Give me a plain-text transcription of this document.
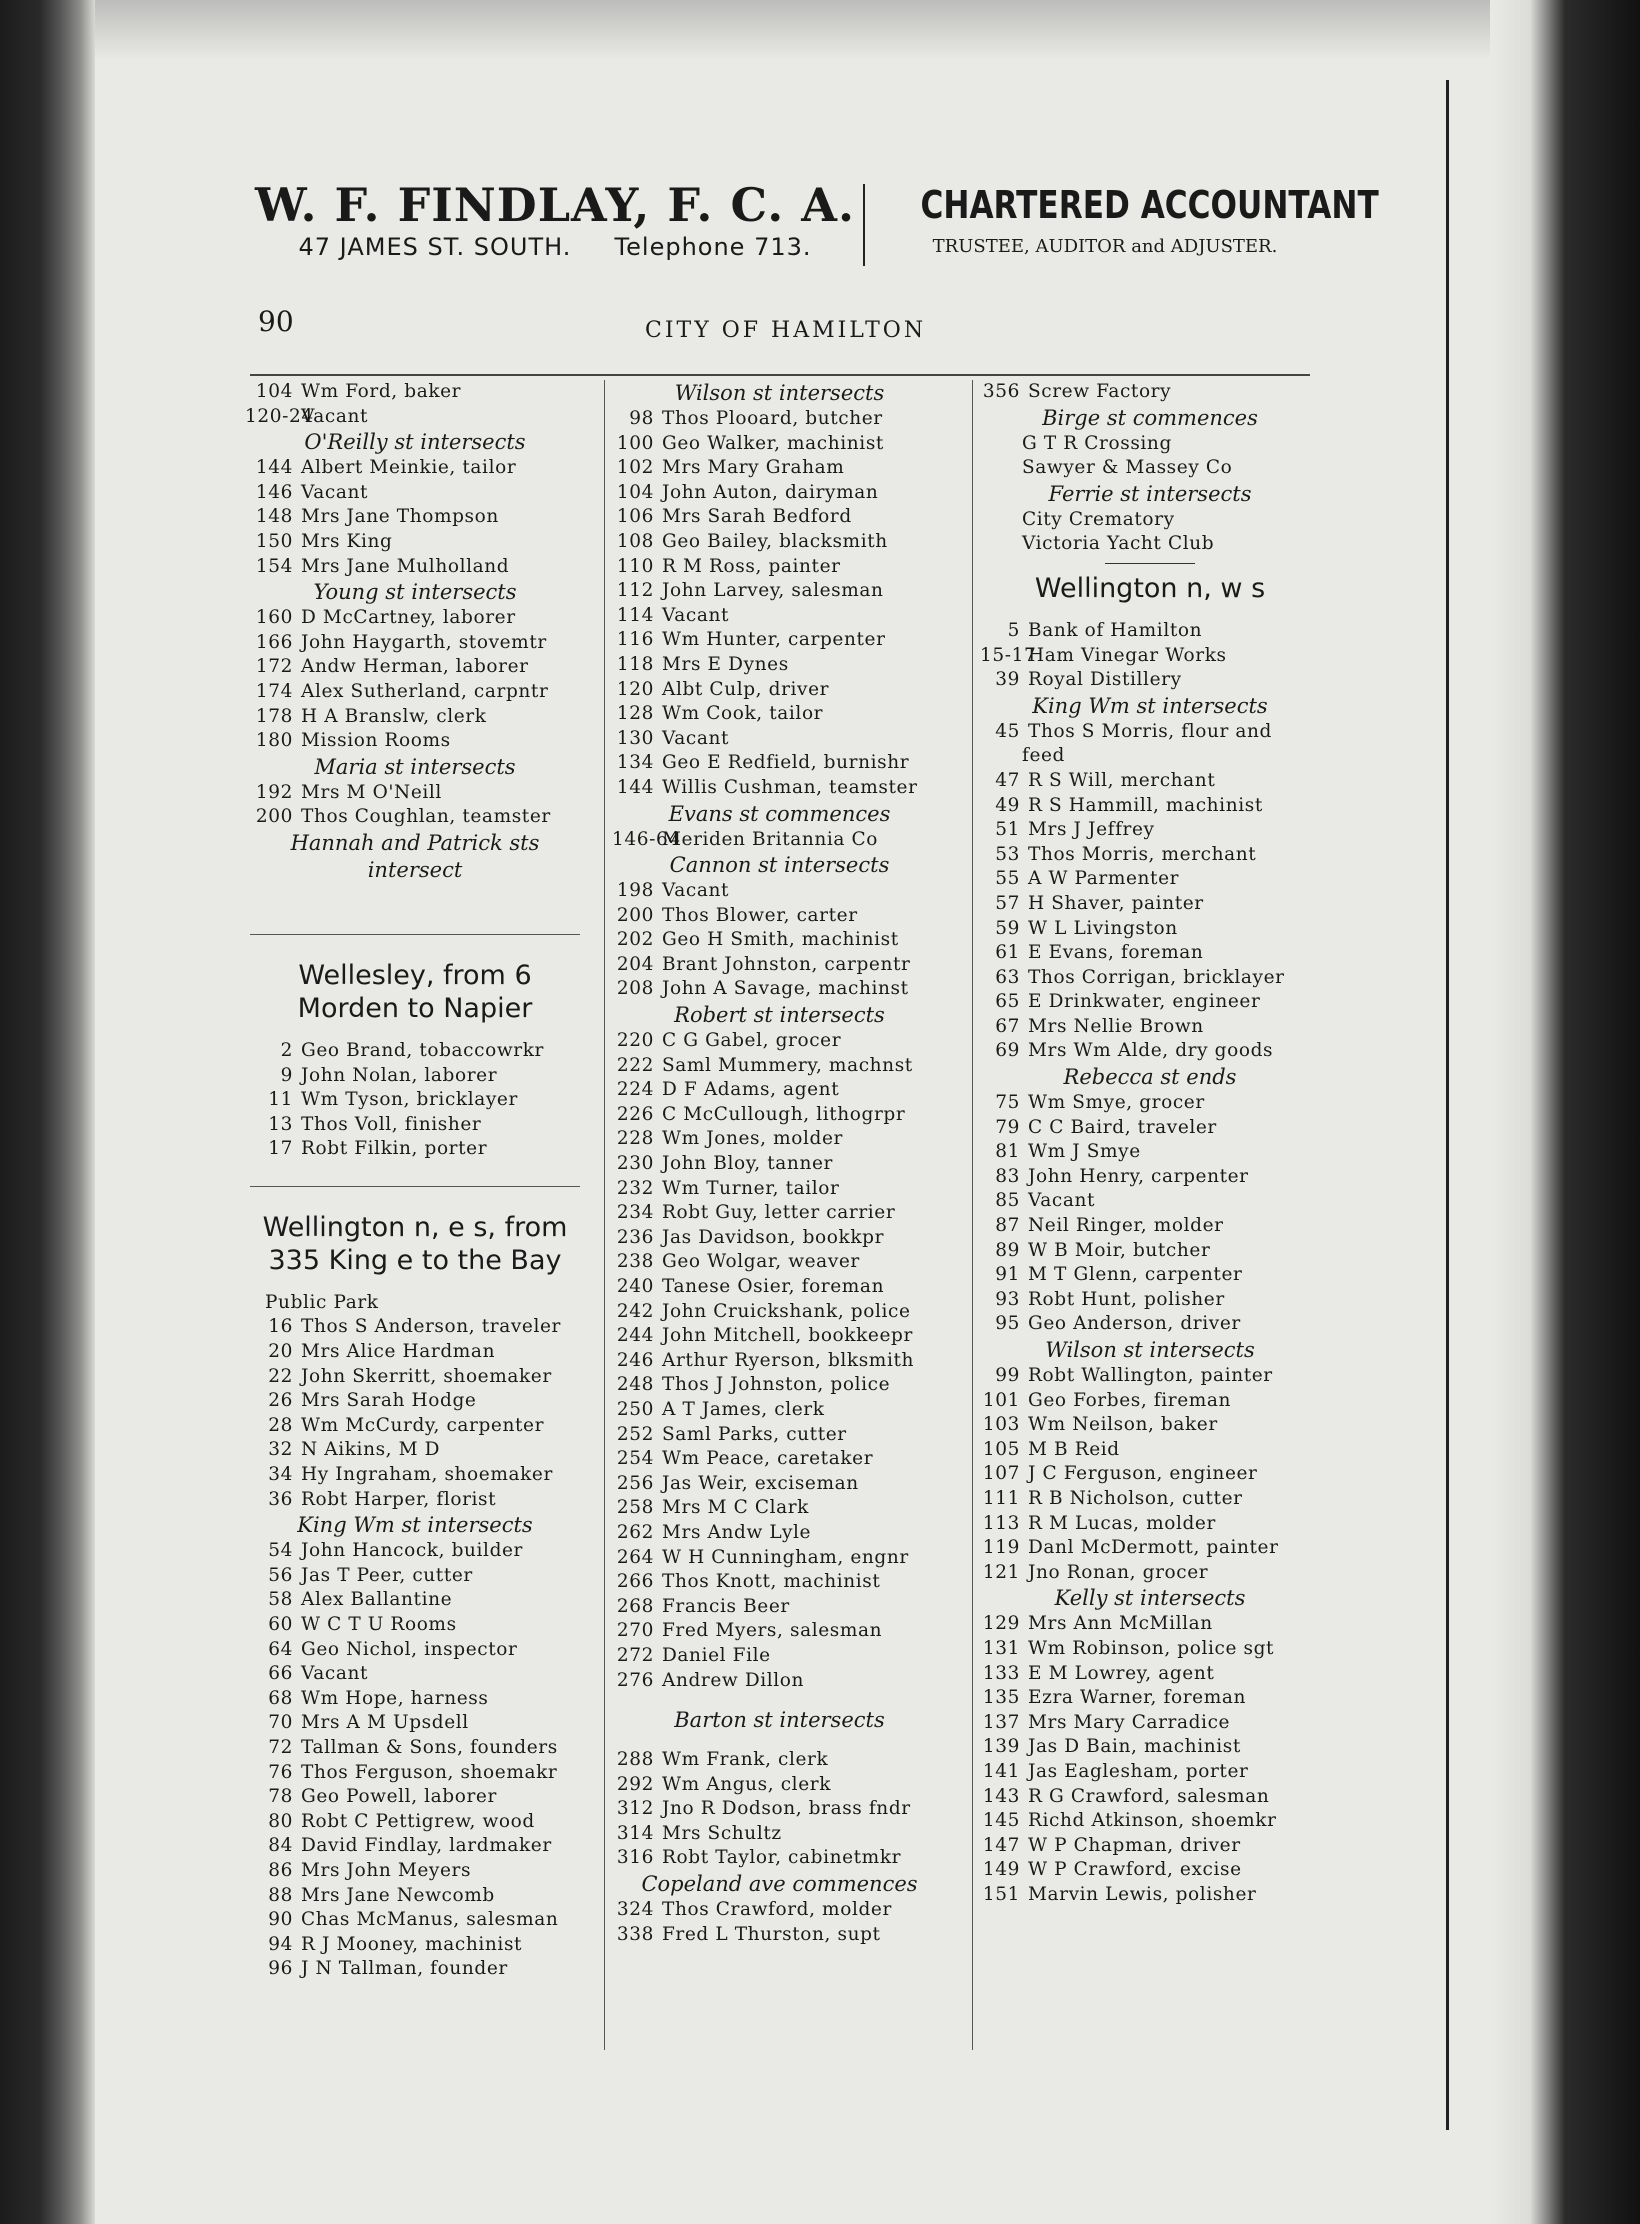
W. F. FINDLAY, F. C. A.
47 JAMES ST. SOUTH. Telephone 713.
CHARTERED ACCOUNTANT
TRUSTEE, AUDITOR and ADJUSTER.
90	CITY OF HAMILTON
104 Wm Ford, baker
120-24Vacant
O'Reilly st intersects
144 Albert Meinkie, tailor
146 Vacant
148 Mrs Jane Thompson
150 Mrs King
154 Mrs Jane Mulholland
Young st intersects
160 D McCartney, laborer
166 John Haygarth, stovemtr
172 Andw Herman, laborer
174 Alex Sutherland, carpntr
178 H A Branslw, clerk
180 Mission Rooms
Maria st intersects
192 Mrs M O'Neill
200 Thos Coughlan, teamster
Hannah and Patrick sts intersect
Wellesley, from 6 Morden to Napier
2 Geo Brand, tobaccowrkr
9 John Nolan, laborer
11 Wm Tyson, bricklayer
13 Thos Voll, finisher
17 Robt Filkin, porter
Wellington n, e s, from 335 King e to the Bay
Public Park
16 Thos S Anderson, traveler
20 Mrs Alice Hardman
22 John Skerritt, shoemaker
26 Mrs Sarah Hodge
28 Wm McCurdy, carpenter
32 N Aikins, M D
34 Hy Ingraham, shoemaker
36 Robt Harper, florist
King Wm st intersects
54 John Hancock, builder
56 Jas T Peer, cutter
58 Alex Ballantine
60 W C T U Rooms
64 Geo Nichol, inspector
66 Vacant
68 Wm Hope, harness
70 Mrs A M Upsdell
72 Tallman & Sons, founders
76 Thos Ferguson, shoemakr
78 Geo Powell, laborer
80 Robt C Pettigrew, wood
84 David Findlay, lardmaker
86 Mrs John Meyers
88 Mrs Jane Newcomb
90 Chas McManus, salesman
94 R J Mooney, machinist
96 J N Tallman, founder
Wilson st intersects
98 Thos Plooard, butcher
100 Geo Walker, machinist
102 Mrs Mary Graham
104 John Auton, dairyman
106 Mrs Sarah Bedford
108 Geo Bailey, blacksmith
110 R M Ross, painter
112 John Larvey, salesman
114 Vacant
116 Wm Hunter, carpenter
118 Mrs E Dynes
120 Albt Culp, driver
128 Wm Cook, tailor
130 Vacant
134 Geo E Redfield, burnishr
144 Willis Cushman, teamster
Evans st commences
146-64Meriden Britannia Co
Cannon st intersects
198 Vacant
200 Thos Blower, carter
202 Geo H Smith, machinist
204 Brant Johnston, carpentr
208 John A Savage, machinst
Robert st intersects
220 C G Gabel, grocer
222 Saml Mummery, machnst
224 D F Adams, agent
226 C McCullough, lithogrpr
228 Wm Jones, molder
230 John Bloy, tanner
232 Wm Turner, tailor
234 Robt Guy, letter carrier
236 Jas Davidson, bookkpr
238 Geo Wolgar, weaver
240 Tanese Osier, foreman
242 John Cruickshank, police
244 John Mitchell, bookkeepr
246 Arthur Ryerson, blksmith
248 Thos J Johnston, police
250 A T James, clerk
252 Saml Parks, cutter
254 Wm Peace, caretaker
256 Jas Weir, exciseman
258 Mrs M C Clark
262 Mrs Andw Lyle
264 W H Cunningham, engnr
266 Thos Knott, machinist
268 Francis Beer
270 Fred Myers, salesman
272 Daniel File
276 Andrew Dillon
Barton st intersects
288 Wm Frank, clerk
292 Wm Angus, clerk
312 Jno R Dodson, brass fndr
314 Mrs Schultz
316 Robt Taylor, cabinetmkr
Copeland ave commences
324 Thos Crawford, molder
338 Fred L Thurston, supt
356 Screw Factory
Birge st commences
G T R Crossing
Sawyer & Massey Co
Ferrie st intersects
City Crematory
Victoria Yacht Club
Wellington n, w s
5 Bank of Hamilton
15-17Ham Vinegar Works
39 Royal Distillery
King Wm st intersects
45 Thos S Morris, flour and
feed
47 R S Will, merchant
49 R S Hammill, machinist
51 Mrs J Jeffrey
53 Thos Morris, merchant
55 A W Parmenter
57 H Shaver, painter
59 W L Livingston
61 E Evans, foreman
63 Thos Corrigan, bricklayer
65 E Drinkwater, engineer
67 Mrs Nellie Brown
69 Mrs Wm Alde, dry goods
Rebecca st ends
75 Wm Smye, grocer
79 C C Baird, traveler
81 Wm J Smye
83 John Henry, carpenter
85 Vacant
87 Neil Ringer, molder
89 W B Moir, butcher
91 M T Glenn, carpenter
93 Robt Hunt, polisher
95 Geo Anderson, driver
Wilson st intersects
99 Robt Wallington, painter
101 Geo Forbes, fireman
103 Wm Neilson, baker
105 M B Reid
107 J C Ferguson, engineer
111 R B Nicholson, cutter
113 R M Lucas, molder
119 Danl McDermott, painter
121 Jno Ronan, grocer
Kelly st intersects
129 Mrs Ann McMillan
131 Wm Robinson, police sgt
133 E M Lowrey, agent
135 Ezra Warner, foreman
137 Mrs Mary Carradice
139 Jas D Bain, machinist
141 Jas Eaglesham, porter
143 R G Crawford, salesman
145 Richd Atkinson, shoemkr
147 W P Chapman, driver
149 W P Crawford, excise
151 Marvin Lewis, polisher
